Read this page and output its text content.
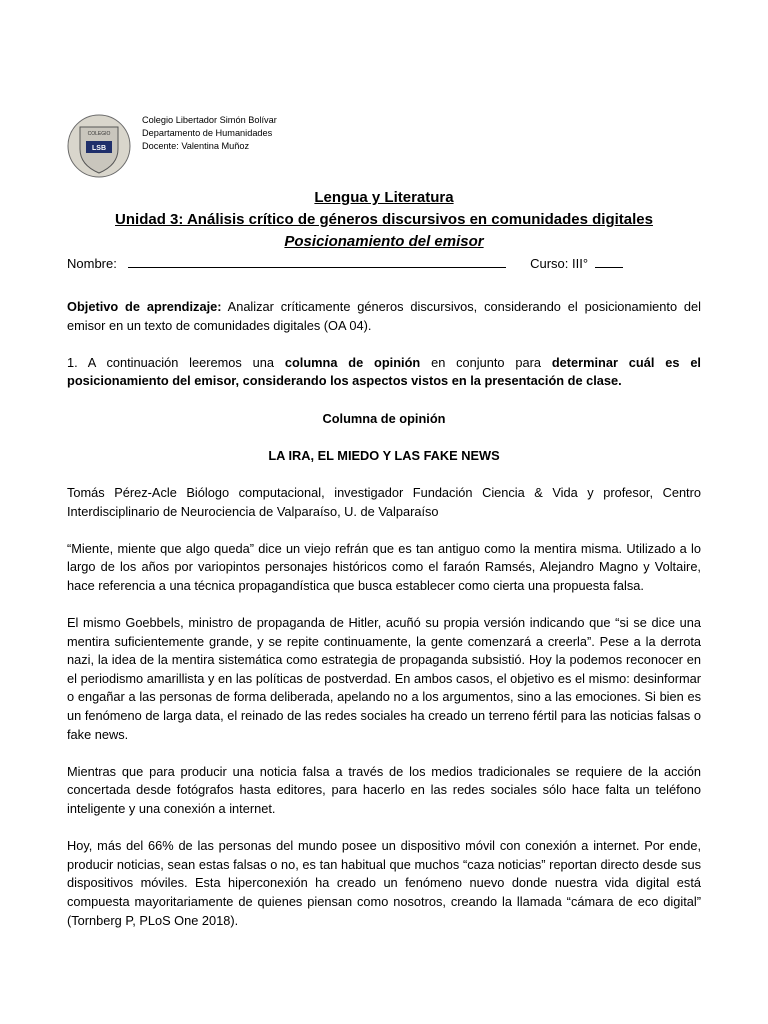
LSB
COLEGIO
Colegio Libertador Simón Bolívar
Departamento de Humanidades
Docente: Valentina Muñoz
Lengua y Literatura
Unidad 3: Análisis crítico de géneros discursivos en comunidades digitales
Posicionamiento del emisor
Nombre:	Curso: III°

Objetivo de aprendizaje: Analizar críticamente géneros discursivos, considerando el posicionamiento del emisor en un texto de comunidades digitales (OA 04).

1. A continuación leeremos una columna de opinión en conjunto para determinar cuál es el posicionamiento del emisor, considerando los aspectos vistos en la presentación de clase.

Columna de opinión

LA IRA, EL MIEDO Y LAS FAKE NEWS

Tomás Pérez-Acle Biólogo computacional, investigador Fundación Ciencia & Vida y profesor, Centro Interdisciplinario de Neurociencia de Valparaíso, U. de Valparaíso

“Miente, miente que algo queda” dice un viejo refrán que es tan antiguo como la mentira misma. Utilizado a lo largo de los años por variopintos personajes históricos como el faraón Ramsés, Alejandro Magno y Voltaire, hace referencia a una técnica propagandística que busca establecer como cierta una propuesta falsa.

El mismo Goebbels, ministro de propaganda de Hitler, acuñó su propia versión indicando que “si se dice una mentira suficientemente grande, y se repite continuamente, la gente comenzará a creerla”. Pese a la derrota nazi, la idea de la mentira sistemática como estrategia de propaganda subsistió. Hoy la podemos reconocer en el periodismo amarillista y en las políticas de postverdad. En ambos casos, el objetivo es el mismo: desinformar o engañar a las personas de forma deliberada, apelando no a los argumentos, sino a las emociones. Si bien es un fenómeno de larga data, el reinado de las redes sociales ha creado un terreno fértil para las noticias falsas o fake news.

Mientras que para producir una noticia falsa a través de los medios tradicionales se requiere de la acción concertada desde fotógrafos hasta editores, para hacerlo en las redes sociales sólo hace falta un teléfono inteligente y una conexión a internet.

Hoy, más del 66% de las personas del mundo posee un dispositivo móvil con conexión a internet. Por ende, producir noticias, sean estas falsas o no, es tan habitual que muchos “caza noticias” reportan directo desde sus dispositivos móviles. Esta hiperconexión ha creado un fenómeno nuevo donde nuestra vida digital está compuesta mayoritariamente de quienes piensan como nosotros, creando la llamada “cámara de eco digital” (Tornberg P, PLoS One 2018).
